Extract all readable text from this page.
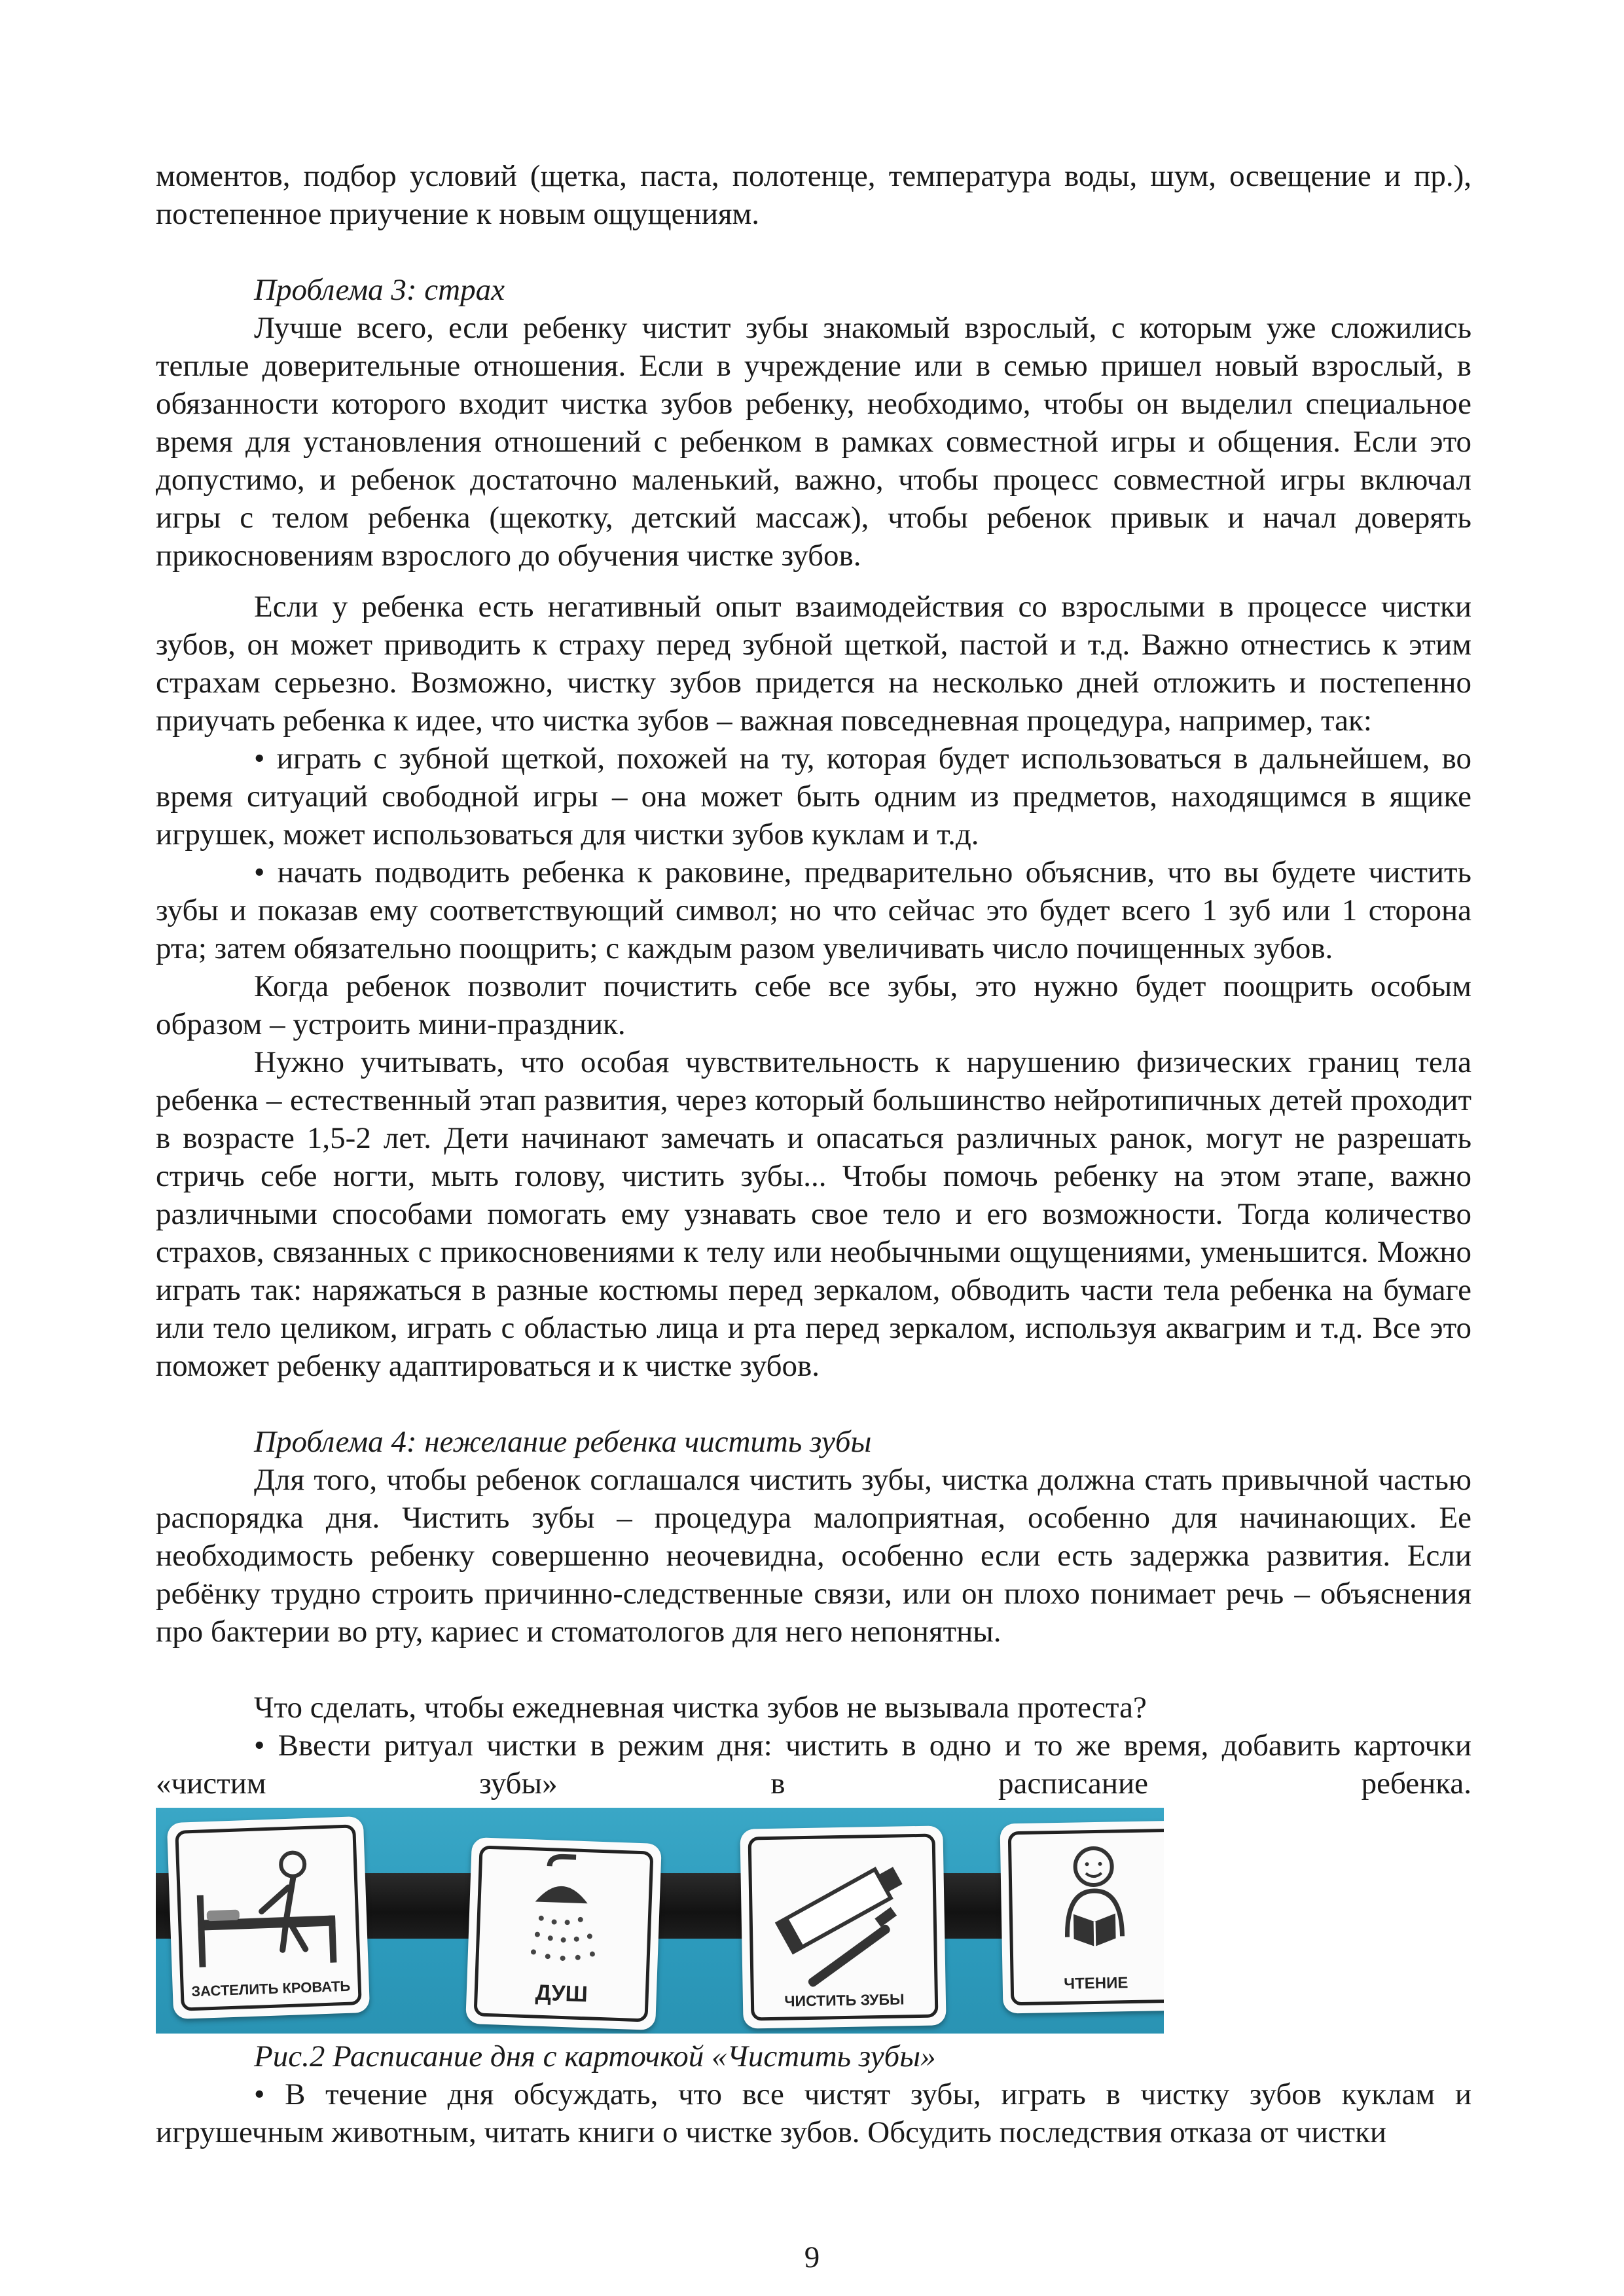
моментов, подбор условий (щетка, паста, полотенце, температура воды, шум, освещение и пр.), постепенное приучение к новым ощущениям.

Проблема 3: страх

Лучше всего, если ребенку чистит зубы знакомый взрослый, с которым уже сложились теплые доверительные отношения. Если в учреждение или в семью пришел новый взрослый, в обязанности которого входит чистка зубов ребенку, необходимо, чтобы он выделил специальное время для установления отношений с ребенком в рамках совместной игры и общения. Если это допустимо, и ребенок достаточно маленький, важно, чтобы процесс совместной игры включал игры с телом ребенка (щекотку, детский массаж), чтобы ребенок привык и начал доверять прикосновениям взрослого до обучения чистке зубов.

Если у ребенка есть негативный опыт взаимодействия со взрослыми в процессе чистки зубов, он может приводить к страху перед зубной щеткой, пастой и т.д. Важно отнестись к этим страхам серьезно. Возможно, чистку зубов придется на несколько дней отложить и постепенно приучать ребенка к идее, что чистка зубов – важная повседневная процедура, например, так:

• играть с зубной щеткой, похожей на ту, которая будет использоваться в дальнейшем, во время ситуаций свободной игры – она может быть одним из предметов, находящимся в ящике игрушек, может использоваться для чистки зубов куклам и т.д.

• начать подводить ребенка к раковине, предварительно объяснив, что вы будете чистить зубы и показав ему соответствующий символ; но что сейчас это будет всего 1 зуб или 1 сторона рта; затем обязательно поощрить; с каждым разом увеличивать число почищенных зубов.

Когда ребенок позволит почистить себе все зубы, это нужно будет поощрить особым образом – устроить мини-праздник.

Нужно учитывать, что особая чувствительность к нарушению физических границ тела ребенка – естественный этап развития, через который большинство нейротипичных детей проходит в возрасте 1,5-2 лет. Дети начинают замечать и опасаться различных ранок, могут не разрешать стричь себе ногти, мыть голову, чистить зубы... Чтобы помочь ребенку на этом этапе, важно различными способами помогать ему узнавать свое тело и его возможности. Тогда количество страхов, связанных с прикосновениями к телу или необычными ощущениями, уменьшится. Можно играть так: наряжаться в разные костюмы перед зеркалом, обводить части тела ребенка на бумаге или тело целиком, играть с областью лица и рта перед зеркалом, используя аквагрим и т.д. Все это поможет ребенку адаптироваться и к чистке зубов.

Проблема 4: нежелание ребенка чистить зубы

Для того, чтобы ребенок соглашался чистить зубы, чистка должна стать привычной частью распорядка дня. Чистить зубы – процедура малоприятная, особенно для начинающих. Ее необходимость ребенку совершенно неочевидна, особенно если есть задержка развития. Если ребёнку трудно строить причинно-следственные связи, или он плохо понимает речь – объяснения про бактерии во рту, кариес и стоматологов для него непонятны.

Что сделать, чтобы ежедневная чистка зубов не вызывала протеста?

• Ввести ритуал чистки в режим дня: чистить в одно и то же время, добавить карточки «чистим зубы» в расписание ребенка.

ЗАСТЕЛИТЬ КРОВАТЬ	ДУШ	ЧИСТИТЬ ЗУБЫ
ЧТЕНИЕ

Рис.2 Расписание дня с карточкой «Чистить зубы»

• В течение дня обсуждать, что все чистят зубы, играть в чистку зубов куклам и игрушечным животным, читать книги о чистке зубов. Обсудить последствия отказа от чистки

9
